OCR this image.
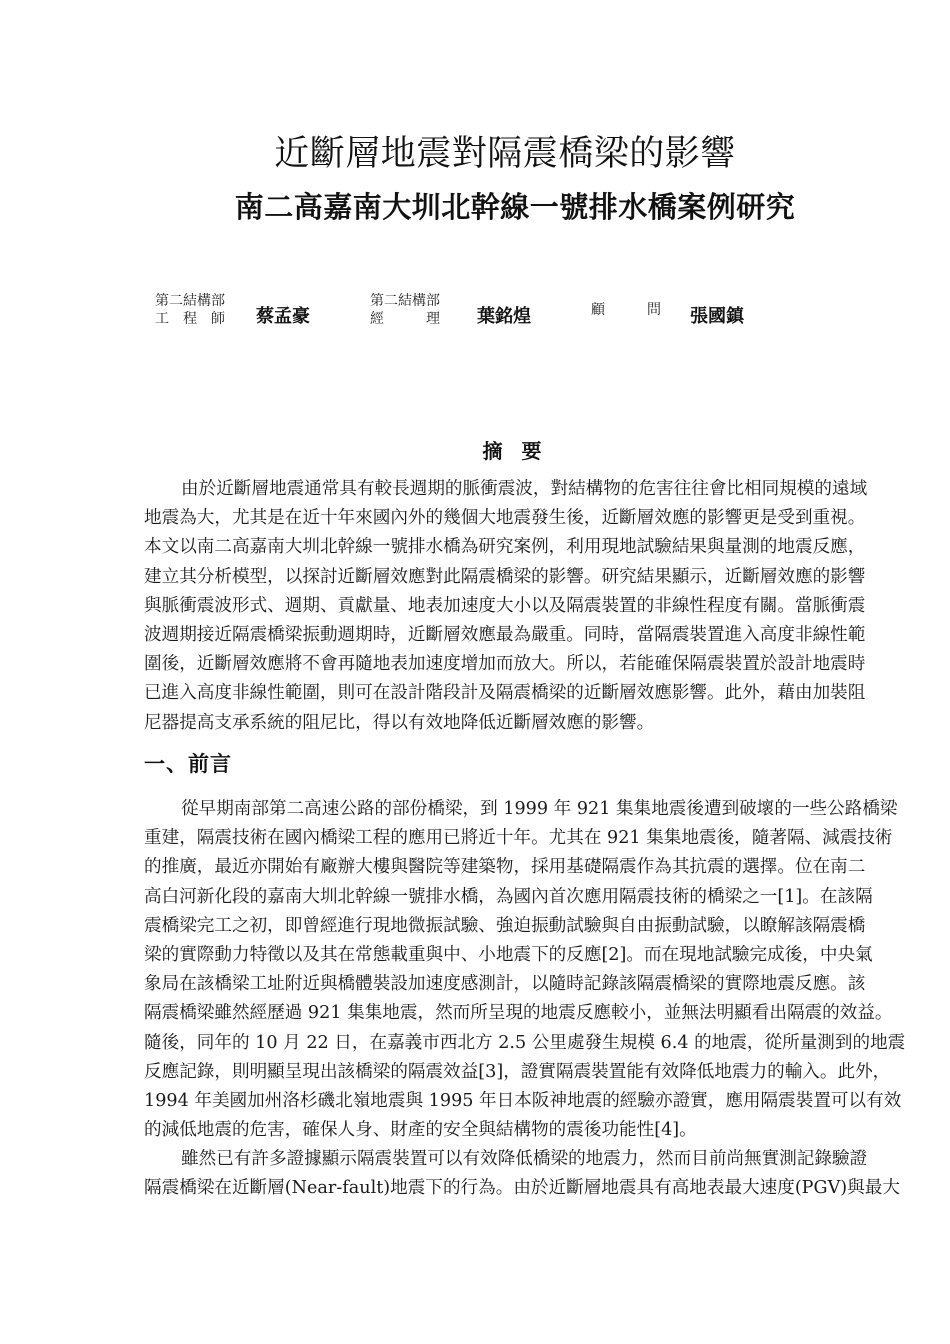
近斷層地震對隔震橋梁的影響
南二高嘉南大圳北幹線一號排水橋案例研究
第二結構部
工　程　師 蔡孟豪
第二結構部
經　　　理 葉銘煌	顧　　　問 張國鎮
摘 要
由於近斷層地震通常具有較長週期的脈衝震波，對結構物的危害往往會比相同規模的遠域
地震為大，尤其是在近十年來國內外的幾個大地震發生後，近斷層效應的影響更是受到重視。
本文以南二高嘉南大圳北幹線一號排水橋為研究案例，利用現地試驗結果與量測的地震反應，
建立其分析模型，以探討近斷層效應對此隔震橋梁的影響。研究結果顯示，近斷層效應的影響
與脈衝震波形式、週期、貢獻量、地表加速度大小以及隔震裝置的非線性程度有關。當脈衝震
波週期接近隔震橋梁振動週期時，近斷層效應最為嚴重。同時，當隔震裝置進入高度非線性範
圍後，近斷層效應將不會再隨地表加速度增加而放大。所以，若能確保隔震裝置於設計地震時
已進入高度非線性範圍，則可在設計階段計及隔震橋梁的近斷層效應影響。此外，藉由加裝阻
尼器提高支承系統的阻尼比，得以有效地降低近斷層效應的影響。
一、前言
從早期南部第二高速公路的部份橋梁，到 1999 年 921 集集地震後遭到破壞的一些公路橋梁
重建，隔震技術在國內橋梁工程的應用已將近十年。尤其在 921 集集地震後，隨著隔、減震技術
的推廣，最近亦開始有廠辦大樓與醫院等建築物，採用基礎隔震作為其抗震的選擇。位在南二
高白河新化段的嘉南大圳北幹線一號排水橋，為國內首次應用隔震技術的橋梁之一[1]。在該隔
震橋梁完工之初，即曾經進行現地微振試驗、強迫振動試驗與自由振動試驗，以瞭解該隔震橋
梁的實際動力特徵以及其在常態載重與中、小地震下的反應[2]。而在現地試驗完成後，中央氣
象局在該橋梁工址附近與橋體裝設加速度感測計，以隨時記錄該隔震橋梁的實際地震反應。該
隔震橋梁雖然經歷過 921 集集地震，然而所呈現的地震反應較小，並無法明顯看出隔震的效益。
隨後，同年的 10 月 22 日，在嘉義市西北方 2.5 公里處發生規模 6.4 的地震，從所量測到的地震
反應記錄，則明顯呈現出該橋梁的隔震效益[3]，證實隔震裝置能有效降低地震力的輸入。此外，
1994 年美國加州洛杉磯北嶺地震與 1995 年日本阪神地震的經驗亦證實，應用隔震裝置可以有效
的減低地震的危害，確保人身、財產的安全與結構物的震後功能性[4]。
雖然已有許多證據顯示隔震裝置可以有效降低橋梁的地震力，然而目前尚無實測記錄驗證
隔震橋梁在近斷層(Near-fault)地震下的行為。由於近斷層地震具有高地表最大速度(PGV)與最大
